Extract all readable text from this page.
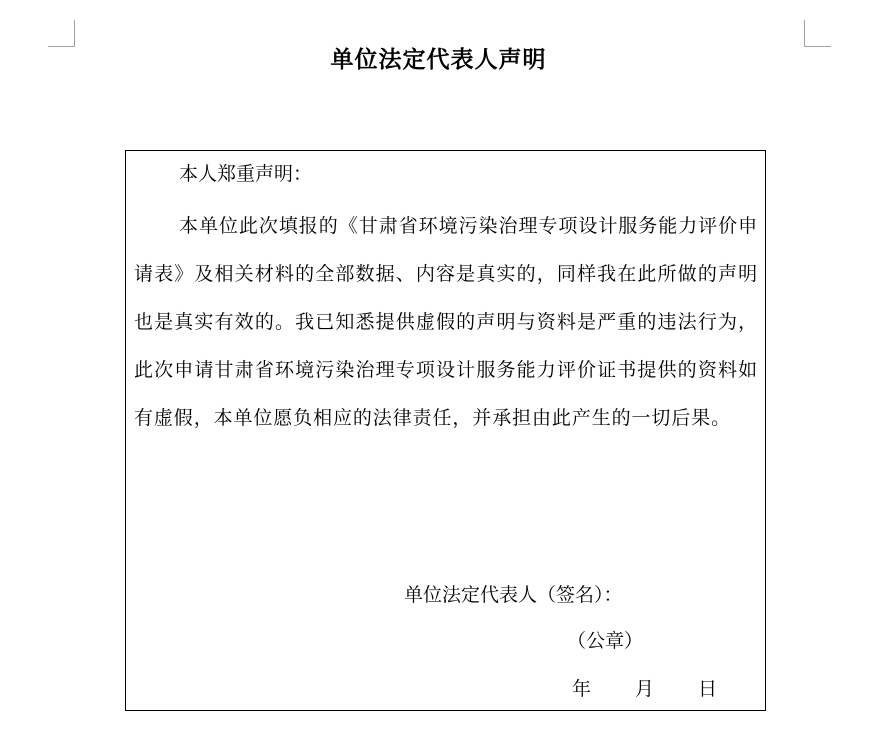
单位法定代表人声明
本人郑重声明：
本单位此次填报的《甘肃省环境污染治理专项设计服务能力评价申请表》及相关材料的全部数据、内容是真实的，同样我在此所做的声明也是真实有效的。我已知悉提供虚假的声明与资料是严重的违法行为，此次申请甘肃省环境污染治理专项设计服务能力评价证书提供的资料如有虚假，本单位愿负相应的法律责任，并承担由此产生的一切后果。
单位法定代表人（签名）：
（公章）
年 月 日
